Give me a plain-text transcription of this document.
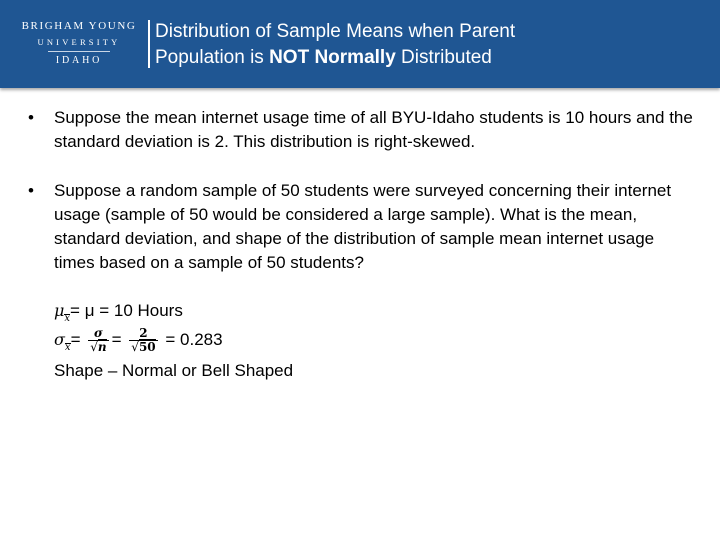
BRIGHAM YOUNG
UNIVERSITY
IDAHO
Distribution of Sample Means when Parent
Population is NOT Normally Distributed
• Suppose the mean internet usage time of all BYU-Idaho students is 10 hours and the standard deviation is 2. This distribution is right-skewed.
• Suppose a random sample of 50 students were surveyed concerning their internet usage (sample of 50 would be considered a large sample). What is the mean, standard deviation, and shape of the distribution of sample mean internet usage times based on a sample of 50 students?
$\mu_x$
= μ = 10 Hours
$\sigma_x$
= $\frac{\sigma}{√n} = \frac{2}{√50} = 0.283$
Shape – Normal or Bell Shaped
